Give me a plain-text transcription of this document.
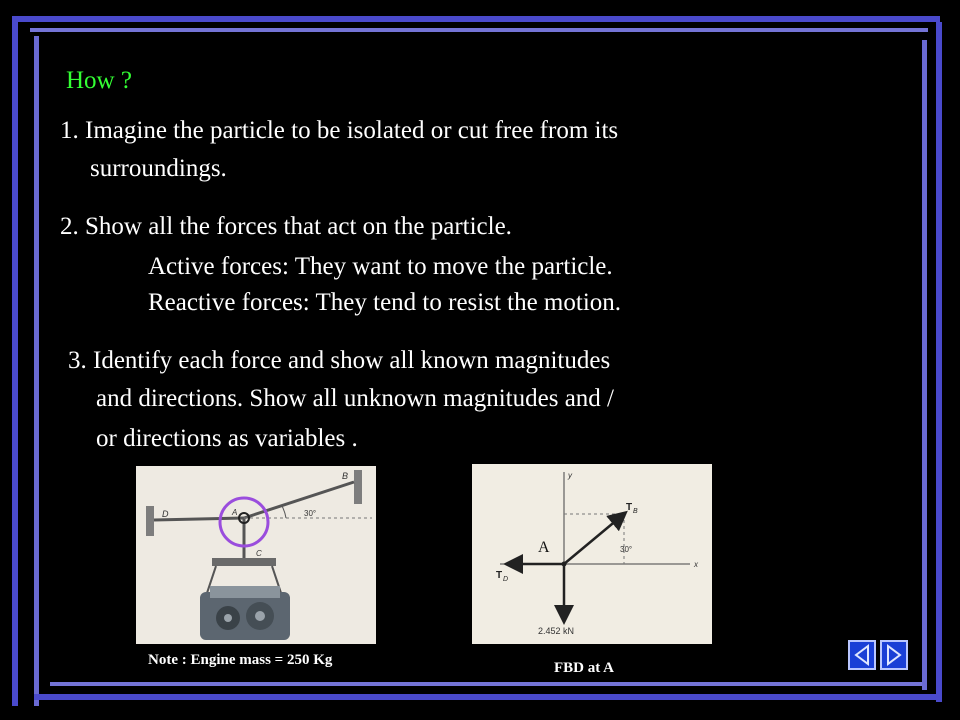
How ?
1. Imagine the particle to be isolated or cut free from its
surroundings.
2. Show all the forces that act on the particle.
Active forces: They want to move the particle.
Reactive forces: They tend to resist the motion.
3. Identify each force and show all known magnitudes
and directions. Show all unknown magnitudes and /
or directions as variables .
B
D	A
C
30°
Note : Engine mass = 250 Kg
y
x
T B
T D
30°
2.452 kN
A
FBD at A
